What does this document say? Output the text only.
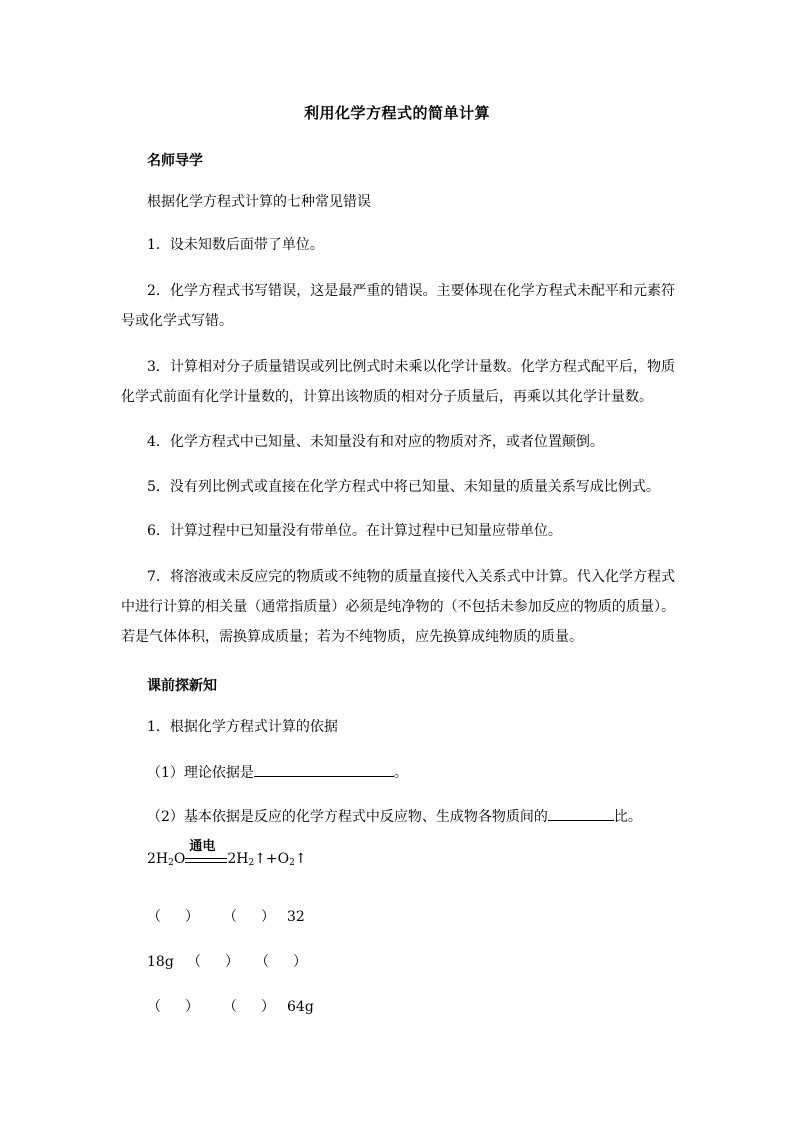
利用化学方程式的简单计算
名师导学
根据化学方程式计算的七种常见错误
1．设未知数后面带了单位。
2．化学方程式书写错误，这是最严重的错误。主要体现在化学方程式未配平和元素符号或化学式写错。
3．计算相对分子质量错误或列比例式时未乘以化学计量数。化学方程式配平后，物质化学式前面有化学计量数的，计算出该物质的相对分子质量后，再乘以其化学计量数。
4．化学方程式中已知量、未知量没有和对应的物质对齐，或者位置颠倒。
5．没有列比例式或直接在化学方程式中将已知量、未知量的质量关系写成比例式。
6．计算过程中已知量没有带单位。在计算过程中已知量应带单位。
7．将溶液或未反应完的物质或不纯物的质量直接代入关系式中计算。代入化学方程式中进行计算的相关量（通常指质量）必须是纯净物的（不包括未参加反应的物质的质量）。若是气体体积，需换算成质量；若为不纯物质，应先换算成纯物质的质量。
课前探新知
1．根据化学方程式计算的依据
（1）理论依据是	。
（2）基本依据是反应的化学方程式中反应物、生成物各物质间的	比。
$2H_2O$
通电
$2H_2↑+O_2↑$
（ ） （ ） 32
18g （ ） （ ）
（ ） （ ） 64g
